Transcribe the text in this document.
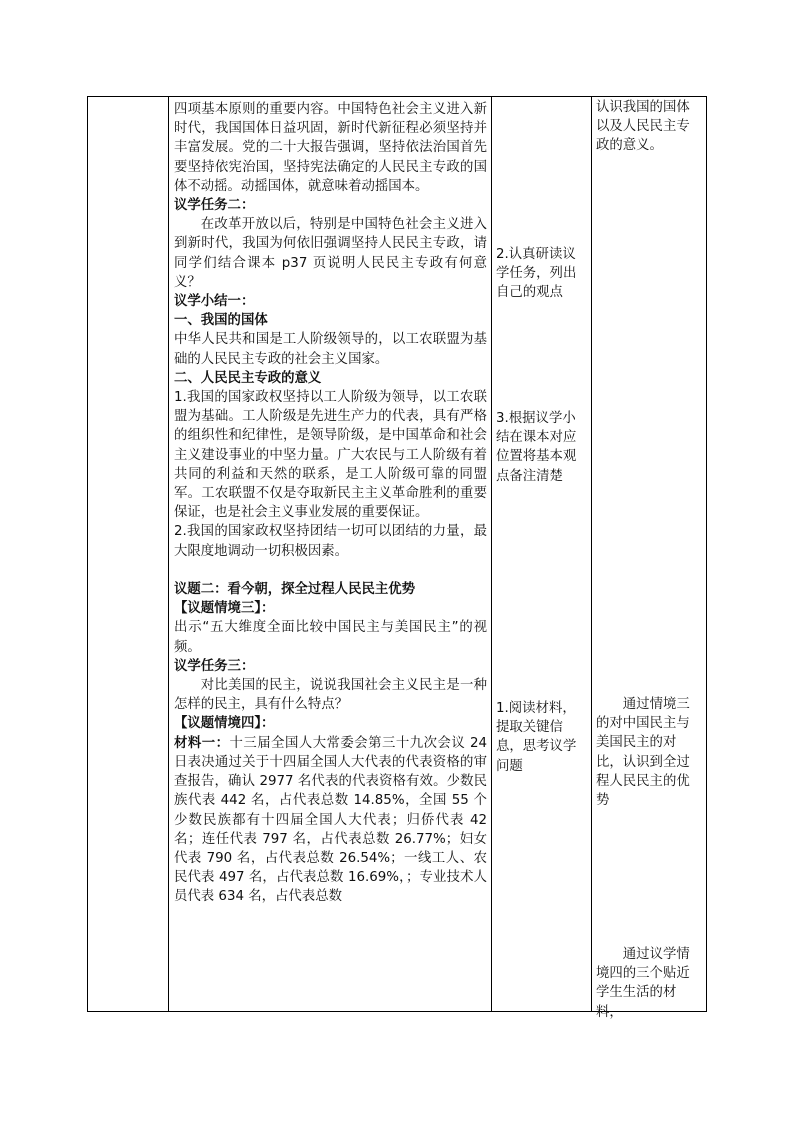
四项基本原则的重要内容。中国特色社会主义进入新时代，我国国体日益巩固，新时代新征程必须坚持并丰富发展。党的二十大报告强调，坚持依法治国首先要坚持依宪治国，坚持宪法确定的人民民主专政的国体不动摇。动摇国体，就意味着动摇国本。

议学任务二：

在改革开放以后，特别是中国特色社会主义进入到新时代，我国为何依旧强调坚持人民民主专政，请同学们结合课本 p37 页说明人民民主专政有何意义？

议学小结一：

一、我国的国体

中华人民共和国是工人阶级领导的，以工农联盟为基础的人民民主专政的社会主义国家。

二、人民民主专政的意义

1.我国的国家政权坚持以工人阶级为领导，以工农联盟为基础。工人阶级是先进生产力的代表，具有严格的组织性和纪律性，是领导阶级，是中国革命和社会主义建设事业的中坚力量。广大农民与工人阶级有着共同的利益和天然的联系，是工人阶级可靠的同盟军。工农联盟不仅是夺取新民主主义革命胜利的重要保证，也是社会主义事业发展的重要保证。

2.我国的国家政权坚持团结一切可以团结的力量，最大限度地调动一切积极因素。

议题二：看今朝，探全过程人民民主优势

【议题情境三】：

出示“五大维度全面比较中国民主与美国民主”的视频。

议学任务三：

对比美国的民主，说说我国社会主义民主是一种怎样的民主，具有什么特点？

【议题情境四】：

材料一：十三届全国人大常委会第三十九次会议 24 日表决通过关于十四届全国人大代表的代表资格的审查报告，确认 2977 名代表的代表资格有效。少数民族代表 442 名，占代表总数 14.85%，全国 55 个少数民族都有十四届全国人大代表；归侨代表 42 名；连任代表 797 名，占代表总数 26.77%；妇女代表 790 名，占代表总数 26.54%；一线工人、农民代表 497 名，占代表总数 16.69%，；专业技术人员代表 634 名，占代表总数

2.认真研读议学任务，列出自己的观点

3.根据议学小结在课本对应位置将基本观点备注清楚

1.阅读材料，提取关键信息，思考议学问题

认识我国的国体以及人民民主专政的意义。

通过情境三的对中国民主与美国民主的对比，认识到全过程人民民主的优势

通过议学情境四的三个贴近学生生活的材料，
